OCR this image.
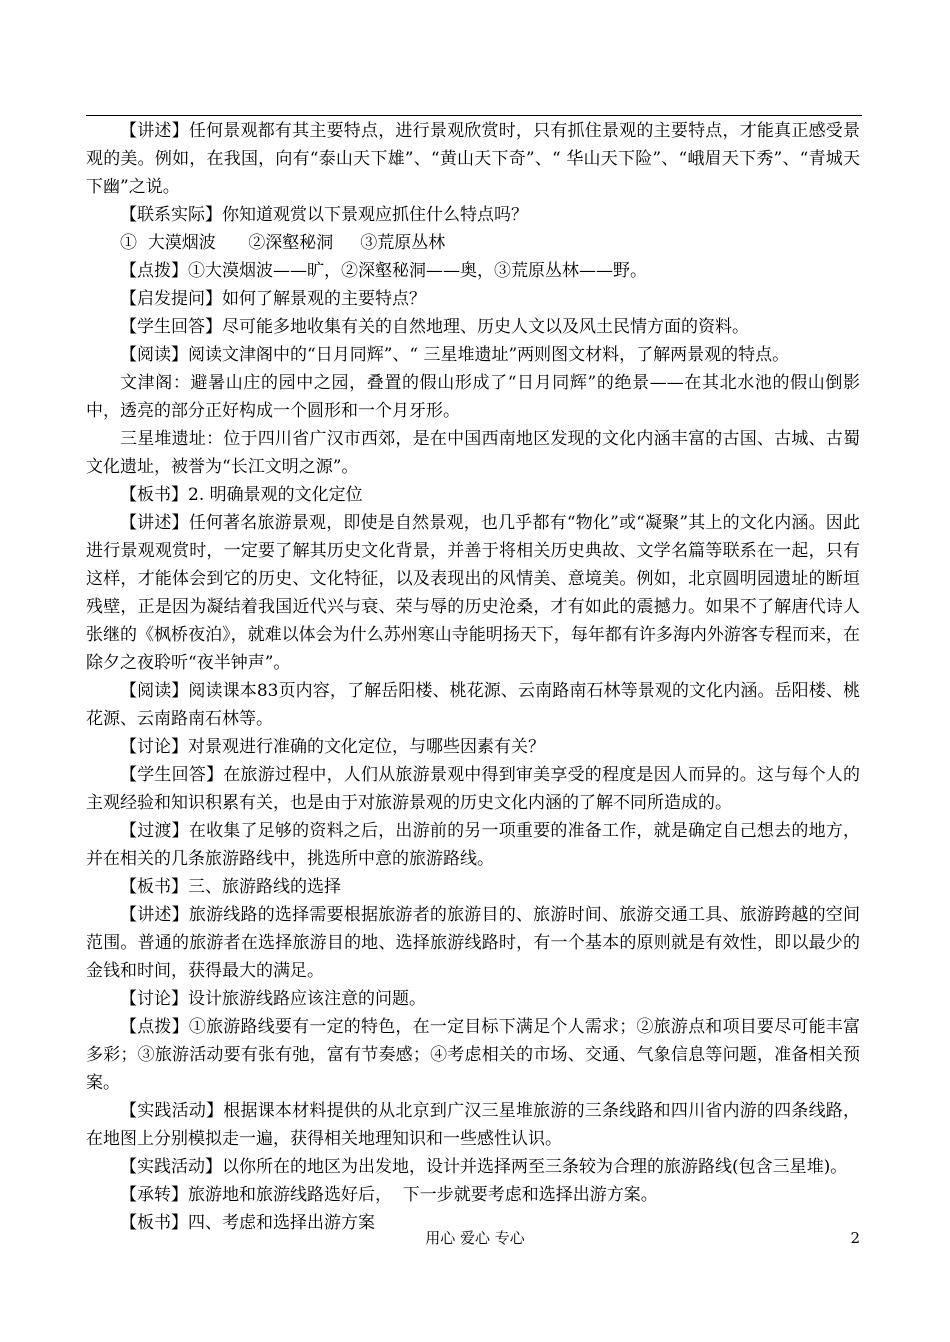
【讲述】任何景观都有其主要特点，进行景观欣赏时，只有抓住景观的主要特点，才能真正感受景观的美。例如，在我国，向有“泰山天下雄”、“黄山天下奇”、“ 华山天下险”、“峨眉天下秀”、“青城天下幽”之说。

【联系实际】你知道观赏以下景观应抓住什么特点吗？

①  大漠烟波      ②深壑秘洞     ③荒原丛林

【点拨】①大漠烟波——旷，②深壑秘洞——奥，③荒原丛林——野。

【启发提问】如何了解景观的主要特点？

【学生回答】尽可能多地收集有关的自然地理、历史人文以及风土民情方面的资料。

【阅读】阅读文津阁中的“日月同辉”、“ 三星堆遗址”两则图文材料，了解两景观的特点。

文津阁：避暑山庄的园中之园，叠置的假山形成了“日月同辉”的绝景——在其北水池的假山倒影中，透亮的部分正好构成一个圆形和一个月牙形。

三星堆遗址：位于四川省广汉市西郊，是在中国西南地区发现的文化内涵丰富的古国、古城、古蜀文化遗址，被誉为“长江文明之源”。

【板书】2. 明确景观的文化定位

【讲述】任何著名旅游景观，即使是自然景观，也几乎都有“物化”或“凝聚”其上的文化内涵。因此进行景观观赏时，一定要了解其历史文化背景，并善于将相关历史典故、文学名篇等联系在一起，只有这样，才能体会到它的历史、文化特征，以及表现出的风情美、意境美。例如，北京圆明园遗址的断垣残壁，正是因为凝结着我国近代兴与衰、荣与辱的历史沧桑，才有如此的震撼力。如果不了解唐代诗人张继的《枫桥夜泊》，就难以体会为什么苏州寒山寺能明扬天下，每年都有许多海内外游客专程而来，在除夕之夜聆听“夜半钟声”。

【阅读】阅读课本83页内容，了解岳阳楼、桃花源、云南路南石林等景观的文化内涵。岳阳楼、桃花源、云南路南石林等。

【讨论】对景观进行准确的文化定位，与哪些因素有关？

【学生回答】在旅游过程中，人们从旅游景观中得到审美享受的程度是因人而异的。这与每个人的主观经验和知识积累有关，也是由于对旅游景观的历史文化内涵的了解不同所造成的。

【过渡】在收集了足够的资料之后，出游前的另一项重要的准备工作，就是确定自己想去的地方，并在相关的几条旅游路线中，挑选所中意的旅游路线。

【板书】三、旅游路线的选择

【讲述】旅游线路的选择需要根据旅游者的旅游目的、旅游时间、旅游交通工具、旅游跨越的空间范围。普通的旅游者在选择旅游目的地、选择旅游线路时，有一个基本的原则就是有效性，即以最少的金钱和时间，获得最大的满足。

【讨论】设计旅游线路应该注意的问题。

【点拨】①旅游路线要有一定的特色，在一定目标下满足个人需求；②旅游点和项目要尽可能丰富多彩；③旅游活动要有张有弛，富有节奏感；④考虑相关的市场、交通、气象信息等问题，准备相关预案。

【实践活动】根据课本材料提供的从北京到广汉三星堆旅游的三条线路和四川省内游的四条线路，在地图上分别模拟走一遍，获得相关地理知识和一些感性认识。

【实践活动】以你所在的地区为出发地，设计并选择两至三条较为合理的旅游路线(包含三星堆)。

【承转】旅游地和旅游线路选好后，  下一步就要考虑和选择出游方案。

【板书】四、考虑和选择出游方案

用心 爱心 专心	2
